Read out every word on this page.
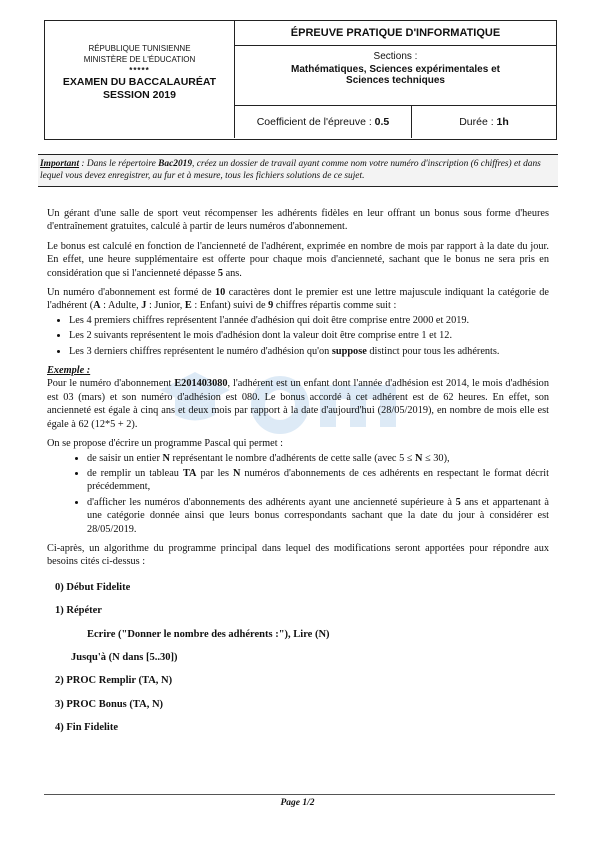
RÉPUBLIQUE TUNISIENNE
MINISTÈRE DE L'ÉDUCATION
*****
EXAMEN DU BACCALAURÉAT
SESSION 2019
ÉPREUVE PRATIQUE D'INFORMATIQUE
Sections :
Mathématiques, Sciences expérimentales et
Sciences techniques
Coefficient de l'épreuve : 0.5	Durée : 1h
Important : Dans le répertoire Bac2019, créez un dossier de travail ayant comme nom votre numéro d'inscription (6 chiffres) et dans lequel vous devez enregistrer, au fur et à mesure, tous les fichiers solutions de ce sujet.

Un gérant d'une salle de sport veut récompenser les adhérents fidèles en leur offrant un bonus sous forme d'heures d'entraînement gratuites, calculé à partir de leurs numéros d'abonnement.

Le bonus est calculé en fonction de l'ancienneté de l'adhérent, exprimée en nombre de mois par rapport à la date du jour. En effet, une heure supplémentaire est offerte pour chaque mois d'ancienneté, sachant que le bonus ne sera pris en considération que si l'ancienneté dépasse 5 ans.

Un numéro d'abonnement est formé de 10 caractères dont le premier est une lettre majuscule indiquant la catégorie de l'adhérent (A : Adulte, J : Junior, E : Enfant) suivi de 9 chiffres répartis comme suit :

• Les 4 premiers chiffres représentent l'année d'adhésion qui doit être comprise entre 2000 et 2019.
• Les 2 suivants représentent le mois d'adhésion dont la valeur doit être comprise entre 1 et 12.
• Les 3 derniers chiffres représentent le numéro d'adhésion qu'on suppose distinct pour tous les adhérents.
Exemple :

Pour le numéro d'abonnement E201403080, l'adhérent est un enfant dont l'année d'adhésion est 2014, le mois d'adhésion est 03 (mars) et son numéro d'adhésion est 080. Le bonus accordé à cet adhérent est de 62 heures. En effet, son ancienneté est égale à cinq ans et deux mois par rapport à la date d'aujourd'hui (28/05/2019), en nombre de mois elle est égale à 62 (12*5 + 2).

On se propose d'écrire un programme Pascal qui permet :

• de saisir un entier N représentant le nombre d'adhérents de cette salle (avec 5 ≤ N ≤ 30),
• de remplir un tableau TA par les N numéros d'abonnements de ces adhérents en respectant le format décrit précédemment,
• d'afficher les numéros d'abonnements des adhérents ayant une ancienneté supérieure à 5 ans et appartenant à une catégorie donnée ainsi que leurs bonus correspondants sachant que la date du jour à considérer est 28/05/2019.

Ci-après, un algorithme du programme principal dans lequel des modifications seront apportées pour répondre aux besoins cités ci-dessus :

0) Début Fidelite
1) Répéter
Ecrire ("Donner le nombre des adhérents :"), Lire (N)
Jusqu'à (N dans [5..30])
2) PROC Remplir (TA, N)
3) PROC Bonus (TA, N)
4) Fin Fidelite
Page 1/2
